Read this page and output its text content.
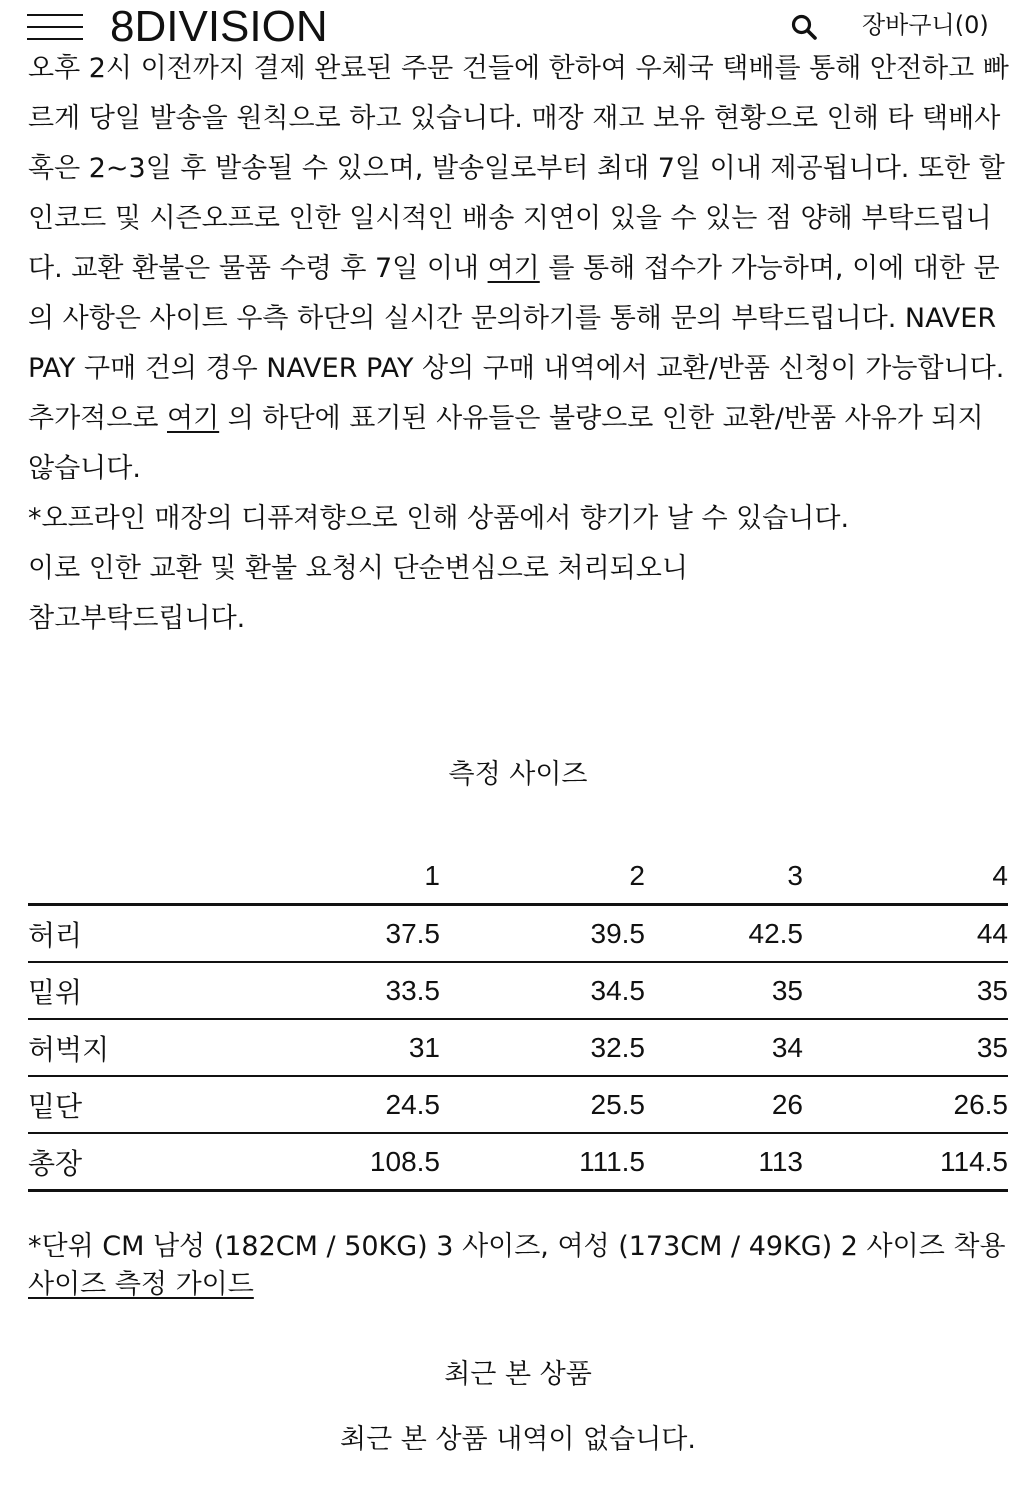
8DIVISION	장바구니(0)

오후 2시 이전까지 결제 완료된 주문 건들에 한하여 우체국 택배를 통해 안전하고 빠르게 당일 발송을 원칙으로 하고 있습니다. 매장 재고 보유 현황으로 인해 타 택배사 혹은 2~3일 후 발송될 수 있으며, 발송일로부터 최대 7일 이내 제공됩니다. 또한 할인코드 및 시즌오프로 인한 일시적인 배송 지연이 있을 수 있는 점 양해 부탁드립니다. 교환 환불은 물품 수령 후 7일 이내 여기 를 통해 접수가 가능하며, 이에 대한 문의 사항은 사이트 우측 하단의 실시간 문의하기를 통해 문의 부탁드립니다. NAVER PAY 구매 건의 경우 NAVER PAY 상의 구매 내역에서 교환/반품 신청이 가능합니다. 추가적으로 여기 의 하단에 표기된 사유들은 불량으로 인한 교환/반품 사유가 되지 않습니다.

*오프라인 매장의 디퓨져향으로 인해 상품에서 향기가 날 수 있습니다.

이로 인한 교환 및 환불 요청시 단순변심으로 처리되오니

참고부탁드립니다.

측정 사이즈
	1	2	3	4
허리	37.5	39.5	42.5	44
밑위	33.5	34.5	35	35
허벅지	31	32.5	34	35
밑단	24.5	25.5	26	26.5
총장	108.5	111.5	113	114.5
*단위 CM 남성 (182CM / 50KG) 3 사이즈, 여성 (173CM / 49KG) 2 사이즈 착용 사이즈 측정 가이드
최근 본 상품
최근 본 상품 내역이 없습니다.
